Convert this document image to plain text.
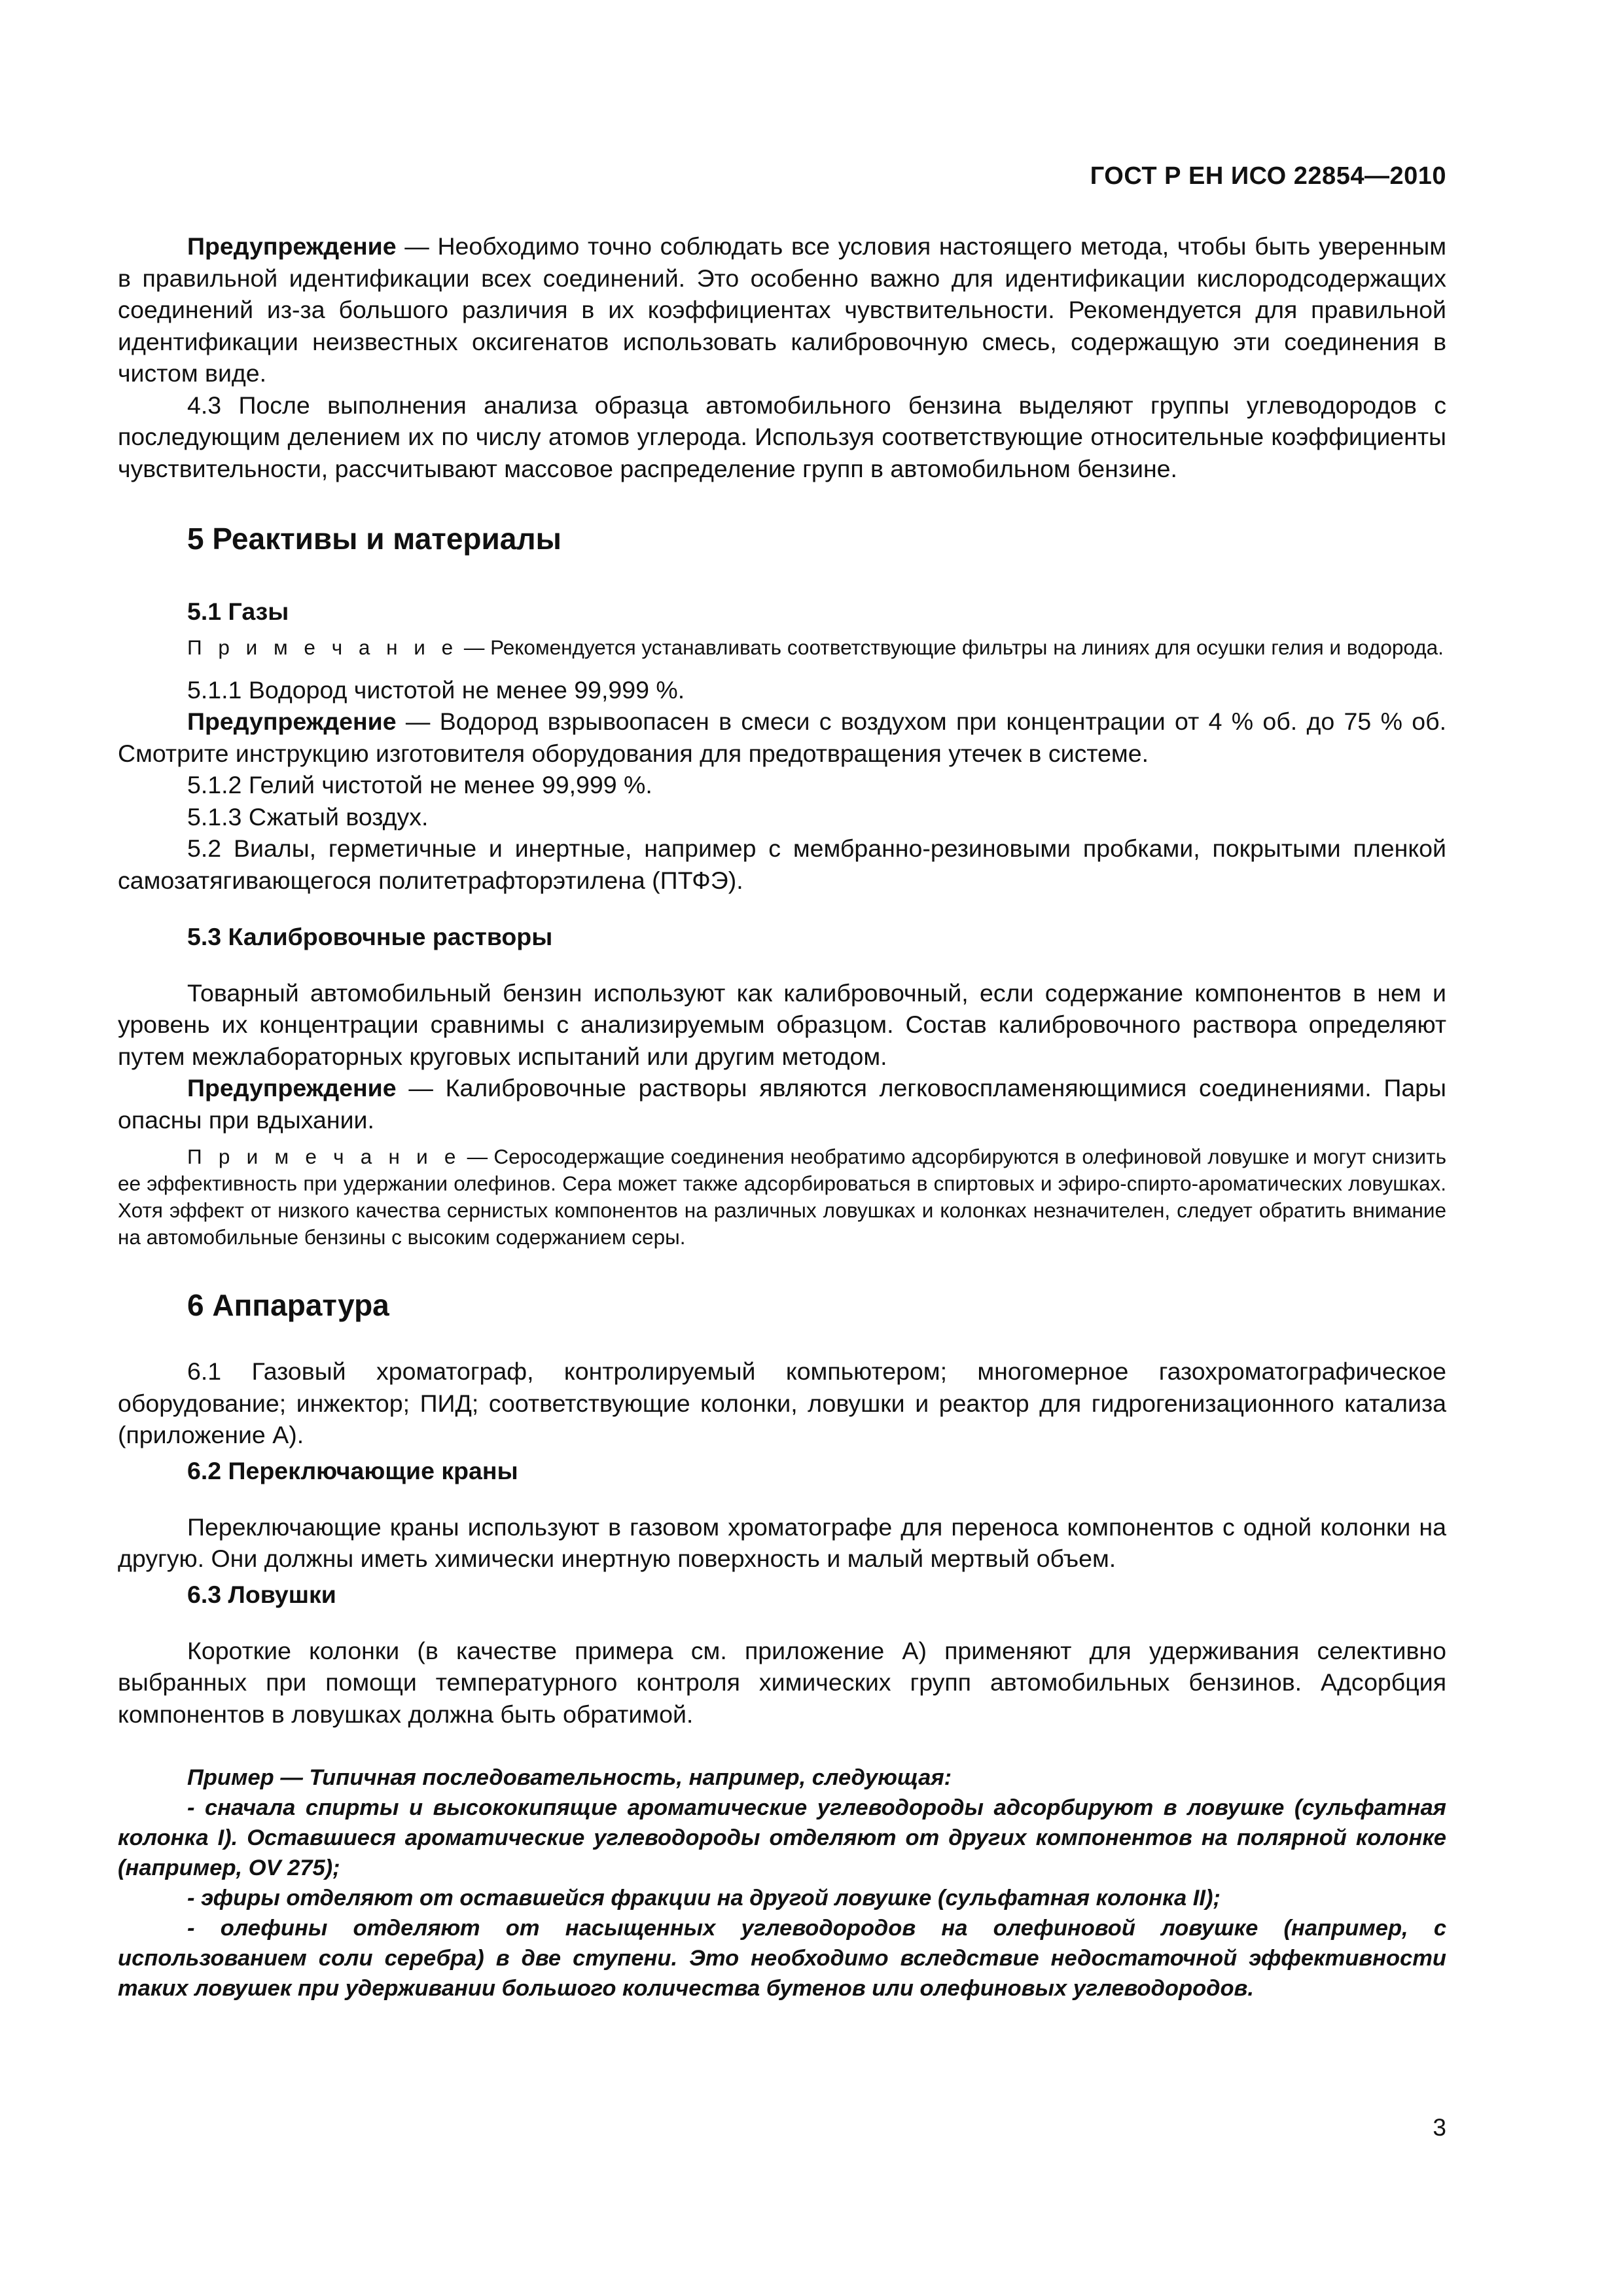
ГОСТ Р ЕН ИСО 22854—2010

Предупреждение — Необходимо точно соблюдать все условия настоящего метода, чтобы быть уверенным в правильной идентификации всех соединений. Это особенно важно для идентификации кислородсодержащих соединений из-за большого различия в их коэффициентах чувствительности. Рекомендуется для правильной идентификации неизвестных оксигенатов использовать калибровочную смесь, содержащую эти соединения в чистом виде.

4.3 После выполнения анализа образца автомобильного бензина выделяют группы углеводородов с последующим делением их по числу атомов углерода. Используя соответствующие относительные коэффициенты чувствительности, рассчитывают массовое распределение групп в автомобильном бензине.

5 Реактивы и материалы
5.1 Газы

П р и м е ч а н и е — Рекомендуется устанавливать соответствующие фильтры на линиях для осушки гелия и водорода.

5.1.1 Водород чистотой не менее 99,999 %.

Предупреждение — Водород взрывоопасен в смеси с воздухом при концентрации от 4 % об. до 75 % об. Смотрите инструкцию изготовителя оборудования для предотвращения утечек в системе.

5.1.2 Гелий чистотой не менее 99,999 %.

5.1.3 Сжатый воздух.

5.2 Виалы, герметичные и инертные, например с мембранно-резиновыми пробками, покрытыми пленкой самозатягивающегося политетрафторэтилена (ПТФЭ).

5.3 Калибровочные растворы

Товарный автомобильный бензин используют как калибровочный, если содержание компонентов в нем и уровень их концентрации сравнимы с анализируемым образцом. Состав калибровочного раствора определяют путем межлабораторных круговых испытаний или другим методом.

Предупреждение — Калибровочные растворы являются легковоспламеняющимися соединениями. Пары опасны при вдыхании.

П р и м е ч а н и е — Серосодержащие соединения необратимо адсорбируются в олефиновой ловушке и могут снизить ее эффективность при удержании олефинов. Сера может также адсорбироваться в спиртовых и эфиро-спирто-ароматических ловушках. Хотя эффект от низкого качества сернистых компонентов на различных ловушках и колонках незначителен, следует обратить внимание на автомобильные бензины с высоким содержанием серы.

6 Аппаратура

6.1 Газовый хроматограф, контролируемый компьютером; многомерное газохроматографическое оборудование; инжектор; ПИД; соответствующие колонки, ловушки и реактор для гидрогенизационного катализа (приложение А).

6.2 Переключающие краны

Переключающие краны используют в газовом хроматографе для переноса компонентов с одной колонки на другую. Они должны иметь химически инертную поверхность и малый мертвый объем.

6.3 Ловушки

Короткие колонки (в качестве примера см. приложение А) применяют для удерживания селективно выбранных при помощи температурного контроля химических групп автомобильных бензинов. Адсорбция компонентов в ловушках должна быть обратимой.

Пример — Типичная последовательность, например, следующая:

- сначала спирты и высококипящие ароматические углеводороды адсорбируют в ловушке (сульфатная колонка I). Оставшиеся ароматические углеводороды отделяют от других компонентов на полярной колонке (например, OV 275);

- эфиры отделяют от оставшейся фракции на другой ловушке (сульфатная колонка II);

- олефины отделяют от насыщенных углеводородов на олефиновой ловушке (например, с использованием соли серебра) в две ступени. Это необходимо вследствие недостаточной эффективности таких ловушек при удерживании большого количества бутенов или олефиновых углеводородов.

3
